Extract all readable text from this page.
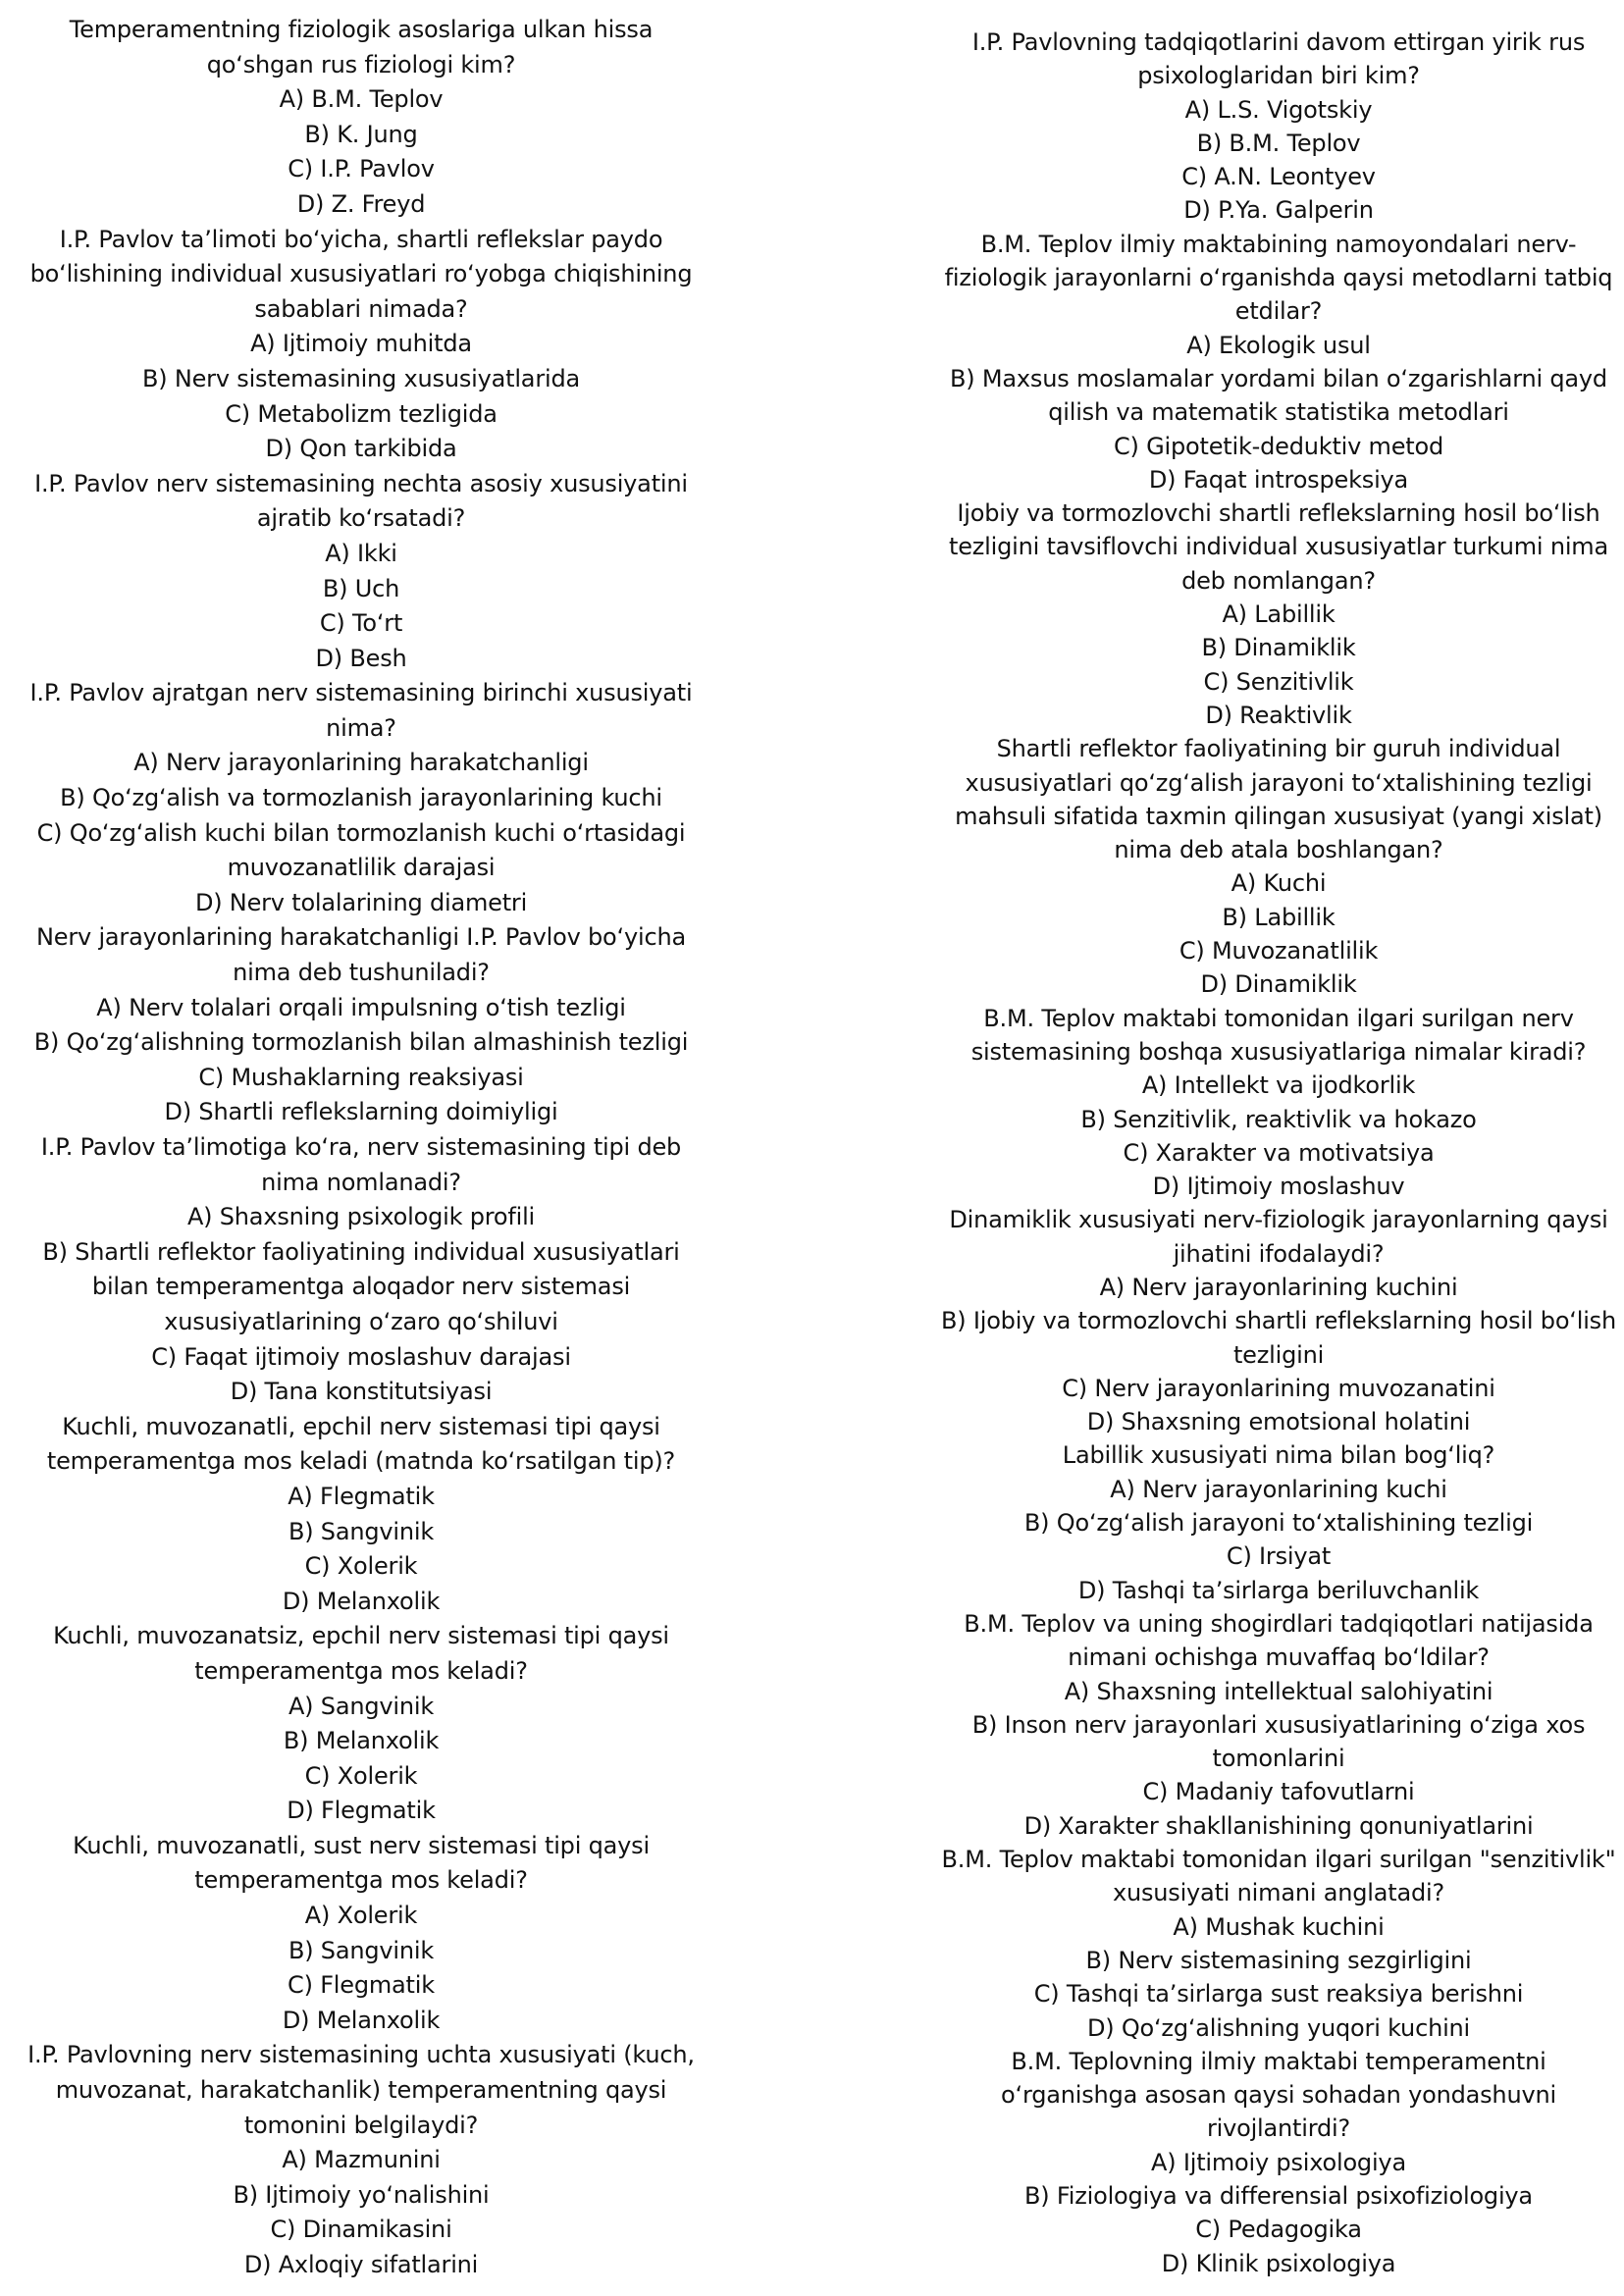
Temperamentning fiziologik asoslariga ulkan hissa qo‘shgan rus fiziologi kim?

A) B.M. Teplov

B) K. Jung

C) I.P. Pavlov

D) Z. Freyd

I.P. Pavlov ta’limoti bo‘yicha, shartli reflekslar paydo bo‘lishining individual xususiyatlari ro‘yobga chiqishining sabablari nimada?

A) Ijtimoiy muhitda

B) Nerv sistemasining xususiyatlarida

C) Metabolizm tezligida

D) Qon tarkibida

I.P. Pavlov nerv sistemasining nechta asosiy xususiyatini ajratib ko‘rsatadi?

A) Ikki

B) Uch

C) To‘rt

D) Besh

I.P. Pavlov ajratgan nerv sistemasining birinchi xususiyati nima?

A) Nerv jarayonlarining harakatchanligi

B) Qo‘zg‘alish va tormozlanish jarayonlarining kuchi

C) Qo‘zg‘alish kuchi bilan tormozlanish kuchi o‘rtasidagi muvozanatlilik darajasi

D) Nerv tolalarining diametri

Nerv jarayonlarining harakatchanligi I.P. Pavlov bo‘yicha nima deb tushuniladi?

A) Nerv tolalari orqali impulsning o‘tish tezligi

B) Qo‘zg‘alishning tormozlanish bilan almashinish tezligi

C) Mushaklarning reaksiyasi

D) Shartli reflekslarning doimiyligi

I.P. Pavlov ta’limotiga ko‘ra, nerv sistemasining tipi deb nima nomlanadi?

A) Shaxsning psixologik profili

B) Shartli reflektor faoliyatining individual xususiyatlari bilan temperamentga aloqador nerv sistemasi xususiyatlarining o‘zaro qo‘shiluvi

C) Faqat ijtimoiy moslashuv darajasi

D) Tana konstitutsiyasi

Kuchli, muvozanatli, epchil nerv sistemasi tipi qaysi temperamentga mos keladi (matnda ko‘rsatilgan tip)?

A) Flegmatik

B) Sangvinik

C) Xolerik

D) Melanxolik

Kuchli, muvozanatsiz, epchil nerv sistemasi tipi qaysi temperamentga mos keladi?

A) Sangvinik

B) Melanxolik

C) Xolerik

D) Flegmatik

Kuchli, muvozanatli, sust nerv sistemasi tipi qaysi temperamentga mos keladi?

A) Xolerik

B) Sangvinik

C) Flegmatik

D) Melanxolik

I.P. Pavlovning nerv sistemasining uchta xususiyati (kuch, muvozanat, harakatchanlik) temperamentning qaysi tomonini belgilaydi?

A) Mazmunini

B) Ijtimoiy yo‘nalishini

C) Dinamikasini

D) Axloqiy sifatlarini

I.P. Pavlovning tadqiqotlarini davom ettirgan yirik rus psixologlaridan biri kim?

A) L.S. Vigotskiy

B) B.M. Teplov

C) A.N. Leontyev

D) P.Ya. Galperin

B.M. Teplov ilmiy maktabining namoyondalari nerv-fiziologik jarayonlarni o‘rganishda qaysi metodlarni tatbiq etdilar?

A) Ekologik usul

B) Maxsus moslamalar yordami bilan o‘zgarishlarni qayd qilish va matematik statistika metodlari

C) Gipotetik-deduktiv metod

D) Faqat introspeksiya

Ijobiy va tormozlovchi shartli reflekslarning hosil bo‘lish tezligini tavsiflovchi individual xususiyatlar turkumi nima deb nomlangan?

A) Labillik

B) Dinamiklik

C) Senzitivlik

D) Reaktivlik

Shartli reflektor faoliyatining bir guruh individual xususiyatlari qo‘zg‘alish jarayoni to‘xtalishining tezligi mahsuli sifatida taxmin qilingan xususiyat (yangi xislat) nima deb atala boshlangan?

A) Kuchi

B) Labillik

C) Muvozanatlilik

D) Dinamiklik

B.M. Teplov maktabi tomonidan ilgari surilgan nerv sistemasining boshqa xususiyatlariga nimalar kiradi?

A) Intellekt va ijodkorlik

B) Senzitivlik, reaktivlik va hokazo

C) Xarakter va motivatsiya

D) Ijtimoiy moslashuv

Dinamiklik xususiyati nerv-fiziologik jarayonlarning qaysi jihatini ifodalaydi?

A) Nerv jarayonlarining kuchini

B) Ijobiy va tormozlovchi shartli reflekslarning hosil bo‘lish tezligini

C) Nerv jarayonlarining muvozanatini

D) Shaxsning emotsional holatini

Labillik xususiyati nima bilan bog‘liq?

A) Nerv jarayonlarining kuchi

B) Qo‘zg‘alish jarayoni to‘xtalishining tezligi

C) Irsiyat

D) Tashqi ta’sirlarga beriluvchanlik

B.M. Teplov va uning shogirdlari tadqiqotlari natijasida nimani ochishga muvaffaq bo‘ldilar?

A) Shaxsning intellektual salohiyatini

B) Inson nerv jarayonlari xususiyatlarining o‘ziga xos tomonlarini

C) Madaniy tafovutlarni

D) Xarakter shakllanishining qonuniyatlarini

B.M. Teplov maktabi tomonidan ilgari surilgan "senzitivlik" xususiyati nimani anglatadi?

A) Mushak kuchini

B) Nerv sistemasining sezgirligini

C) Tashqi ta’sirlarga sust reaksiya berishni

D) Qo‘zg‘alishning yuqori kuchini

B.M. Teplovning ilmiy maktabi temperamentni o‘rganishga asosan qaysi sohadan yondashuvni rivojlantirdi?

A) Ijtimoiy psixologiya

B) Fiziologiya va differensial psixofiziologiya

C) Pedagogika

D) Klinik psixologiya
